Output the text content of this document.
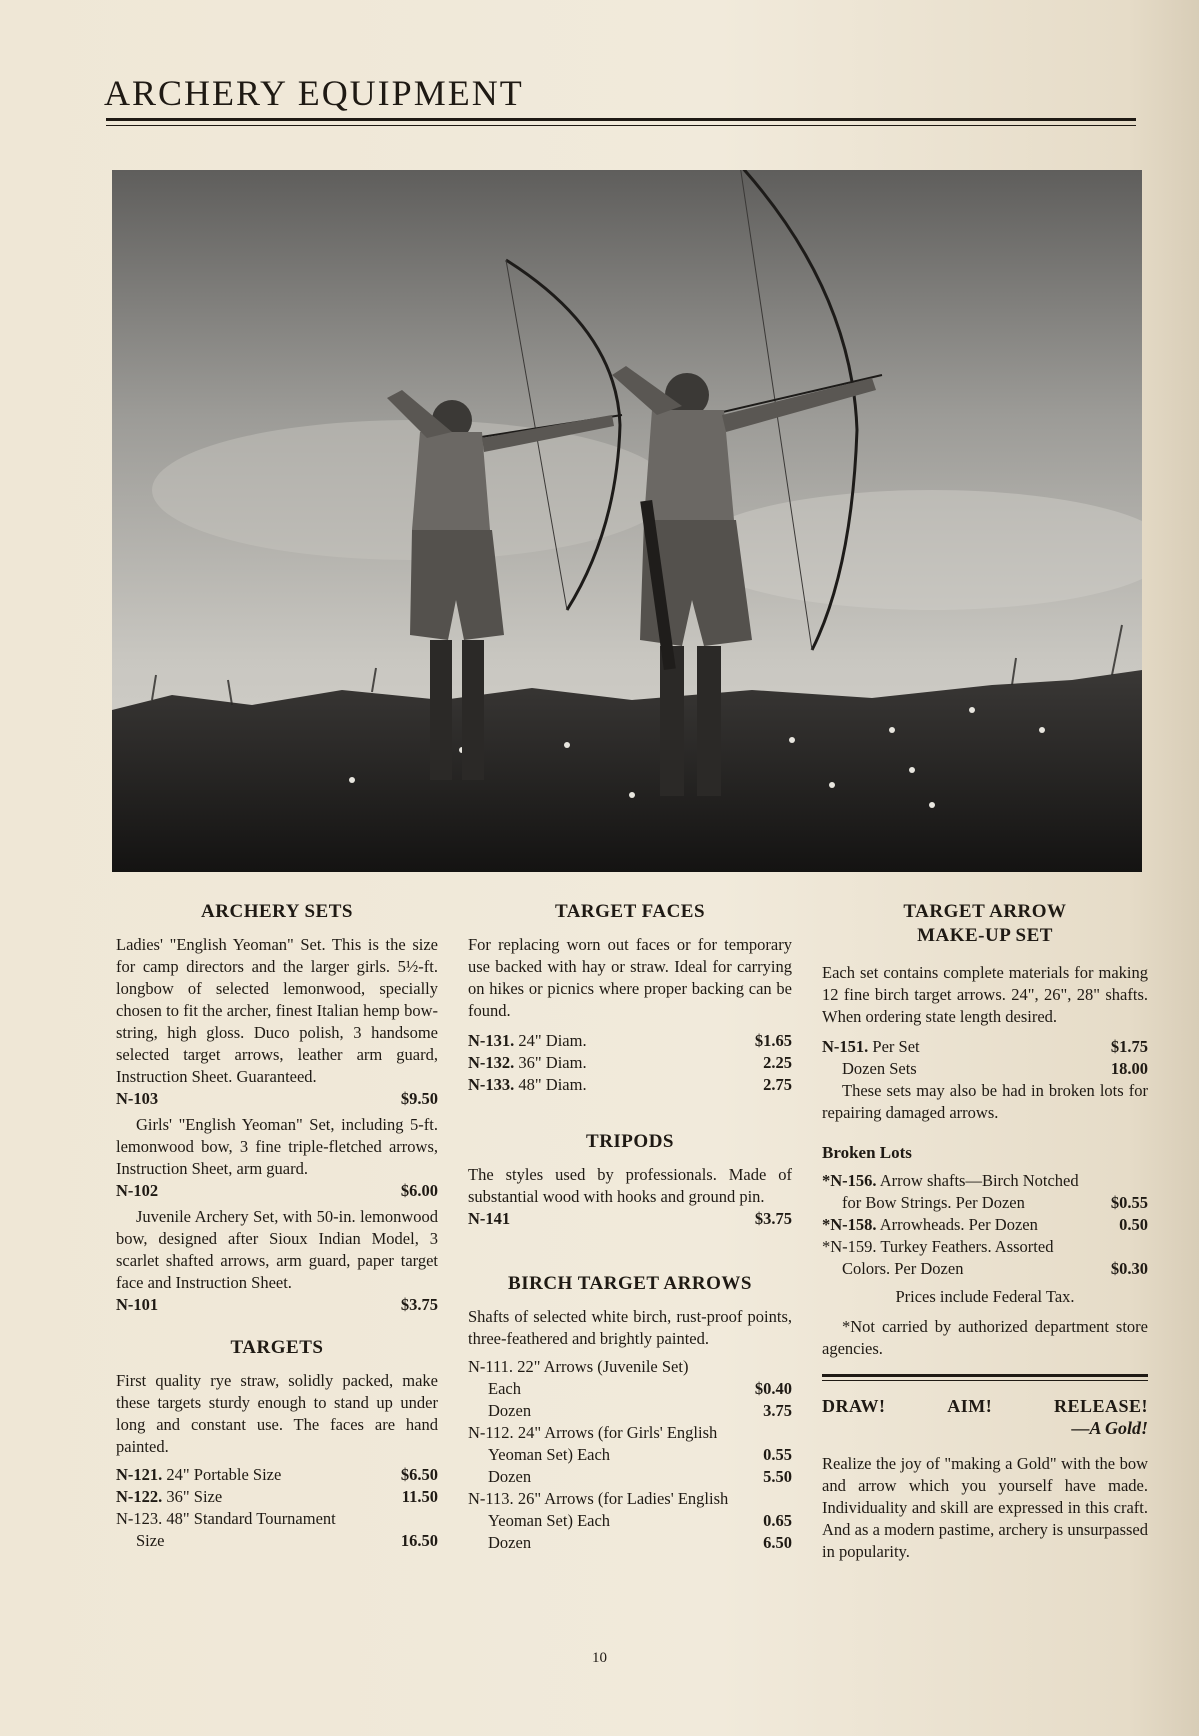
ARCHERY EQUIPMENT
ARCHERY SETS

Ladies' "English Yeoman" Set. This is the size for camp directors and the larger girls. 5½-ft. longbow of selected lemonwood, specially chosen to fit the archer, finest Italian hemp bow-string, high gloss. Duco polish, 3 handsome selected target arrows, leather arm guard, Instruction Sheet. Guaranteed.

N-103	$9.50

Girls' "English Yeoman" Set, including 5-ft. lemonwood bow, 3 fine triple-fletched arrows, Instruction Sheet, arm guard.

N-102	$6.00

Juvenile Archery Set, with 50-in. lemonwood bow, designed after Sioux Indian Model, 3 scarlet shafted arrows, arm guard, paper target face and Instruction Sheet.

N-101	$3.75
TARGETS

First quality rye straw, solidly packed, make these targets sturdy enough to stand up under long and constant use. The faces are hand painted.

N-121. 24" Portable Size	$6.50
N-122. 36" Size	11.50
N-123. 48" Standard Tournament
Size	16.50
TARGET FACES

For replacing worn out faces or for temporary use backed with hay or straw. Ideal for carrying on hikes or picnics where proper backing can be found.

N-131. 24" Diam.	$1.65
N-132. 36" Diam.	2.25
N-133. 48" Diam.	2.75
TRIPODS

The styles used by professionals. Made of substantial wood with hooks and ground pin.

N-141	$3.75
BIRCH TARGET ARROWS

Shafts of selected white birch, rust-proof points, three-feathered and brightly painted.

N-111. 22" Arrows (Juvenile Set)
Each	$0.40
Dozen	3.75
N-112. 24" Arrows (for Girls' English
Yeoman Set) Each	0.55
Dozen	5.50
N-113. 26" Arrows (for Ladies' English
Yeoman Set) Each	0.65
Dozen	6.50
TARGET ARROW
MAKE-UP SET

Each set contains complete materials for making 12 fine birch target arrows. 24", 26", 28" shafts. When ordering state length desired.

N-151. Per Set	$1.75
Dozen Sets	18.00

These sets may also be had in broken lots for repairing damaged arrows.

Broken Lots
*N-156. Arrow shafts—Birch Notched
for Bow Strings. Per Dozen	$0.55
*N-158. Arrowheads. Per Dozen	0.50
*N-159. Turkey Feathers. Assorted
Colors. Per Dozen	$0.30
Prices include Federal Tax.

*Not carried by authorized department store agencies.

DRAW!	AIM!	RELEASE!
—A Gold!

Realize the joy of "making a Gold" with the bow and arrow which you yourself have made. Individuality and skill are expressed in this craft. And as a modern pastime, archery is unsurpassed in popularity.

10
